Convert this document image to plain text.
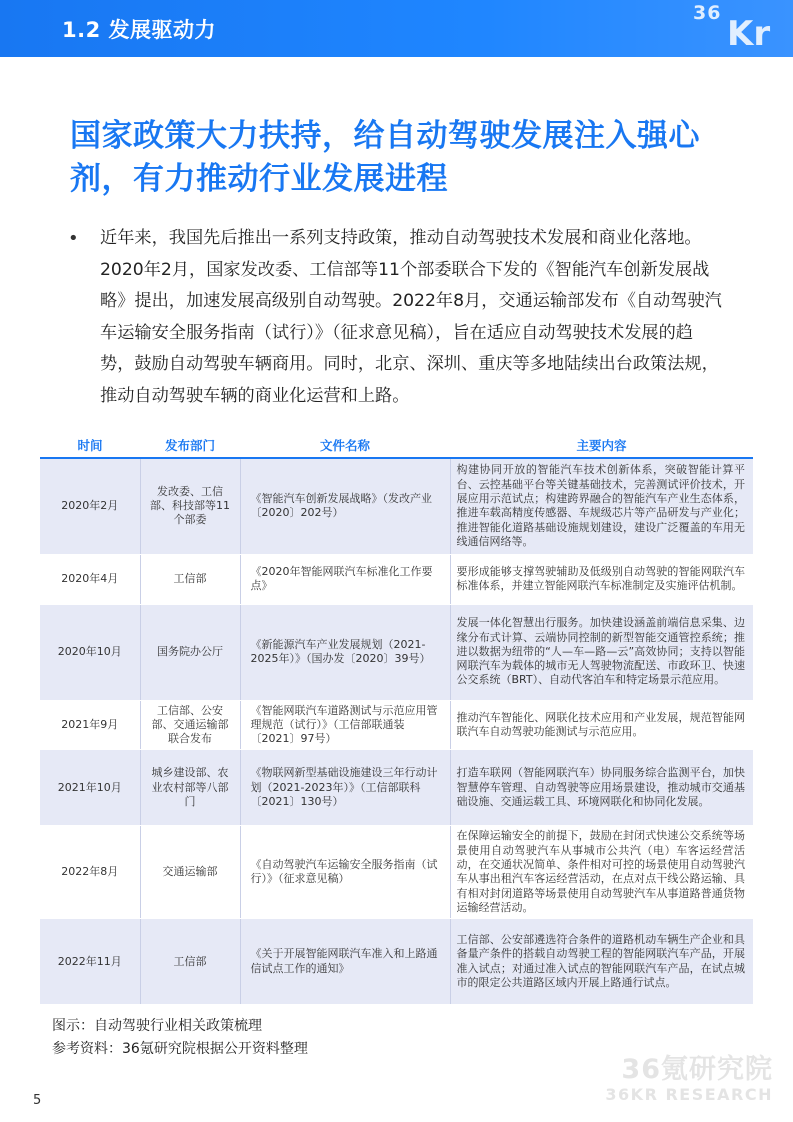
1.2 发展驱动力
36
Kr
国家政策大力扶持，给自动驾驶发展注入强心剂，有力推动行业发展进程
• 近年来，我国先后推出一系列支持政策，推动自动驾驶技术发展和商业化落地。2020年2月，国家发改委、工信部等11个部委联合下发的《智能汽车创新发展战略》提出，加速发展高级别自动驾驶。2022年8月，交通运输部发布《自动驾驶汽车运输安全服务指南（试行）》（征求意见稿），旨在适应自动驾驶技术发展的趋势，鼓励自动驾驶车辆商用。同时，北京、深圳、重庆等多地陆续出台政策法规，推动自动驾驶车辆的商业化运营和上路。
时间	发布部门	文件名称	主要内容
2020年2月	发改委、工信部、科技部等11个部委	《智能汽车创新发展战略》（发改产业〔2020〕202号）	构建协同开放的智能汽车技术创新体系，突破智能计算平台、云控基础平台等关键基础技术，完善测试评价技术，开展应用示范试点；构建跨界融合的智能汽车产业生态体系，推进车载高精度传感器、车规级芯片等产品研发与产业化；推进智能化道路基础设施规划建设，建设广泛覆盖的车用无线通信网络等。
2020年4月	工信部	《2020年智能网联汽车标准化工作要点》	要形成能够支撑驾驶辅助及低级别自动驾驶的智能网联汽车标准体系，并建立智能网联汽车标准制定及实施评估机制。
2020年10月	国务院办公厅	《新能源汽车产业发展规划（2021-2025年）》（国办发〔2020〕39号）	发展一体化智慧出行服务。加快建设涵盖前端信息采集、边缘分布式计算、云端协同控制的新型智能交通管控系统；推进以数据为纽带的“人—车—路—云”高效协同；支持以智能网联汽车为载体的城市无人驾驶物流配送、市政环卫、快速公交系统（BRT）、自动代客泊车和特定场景示范应用。
2021年9月	工信部、公安部、交通运输部联合发布	《智能网联汽车道路测试与示范应用管理规范（试行）》（工信部联通装〔2021〕97号）	推动汽车智能化、网联化技术应用和产业发展，规范智能网联汽车自动驾驶功能测试与示范应用。
2021年10月	城乡建设部、农业农村部等八部门	《物联网新型基础设施建设三年行动计划（2021-2023年）》（工信部联科〔2021〕130号）	打造车联网（智能网联汽车）协同服务综合监测平台，加快智慧停车管理、自动驾驶等应用场景建设，推动城市交通基础设施、交通运载工具、环境网联化和协同化发展。
2022年8月	交通运输部	《自动驾驶汽车运输安全服务指南（试行）》（征求意见稿）	在保障运输安全的前提下，鼓励在封闭式快速公交系统等场景使用自动驾驶汽车从事城市公共汽（电）车客运经营活动，在交通状况简单、条件相对可控的场景使用自动驾驶汽车从事出租汽车客运经营活动，在点对点干线公路运输、具有相对封闭道路等场景使用自动驾驶汽车从事道路普通货物运输经营活动。
2022年11月	工信部	《关于开展智能网联汽车准入和上路通信试点工作的通知》	工信部、公安部遴选符合条件的道路机动车辆生产企业和具备量产条件的搭载自动驾驶工程的智能网联汽车产品，开展准入试点；对通过准入试点的智能网联汽车产品，在试点城市的限定公共道路区域内开展上路通行试点。
图示：自动驾驶行业相关政策梳理
参考资料：36氪研究院根据公开资料整理
36氪研究院
36KR RESEARCH
5
